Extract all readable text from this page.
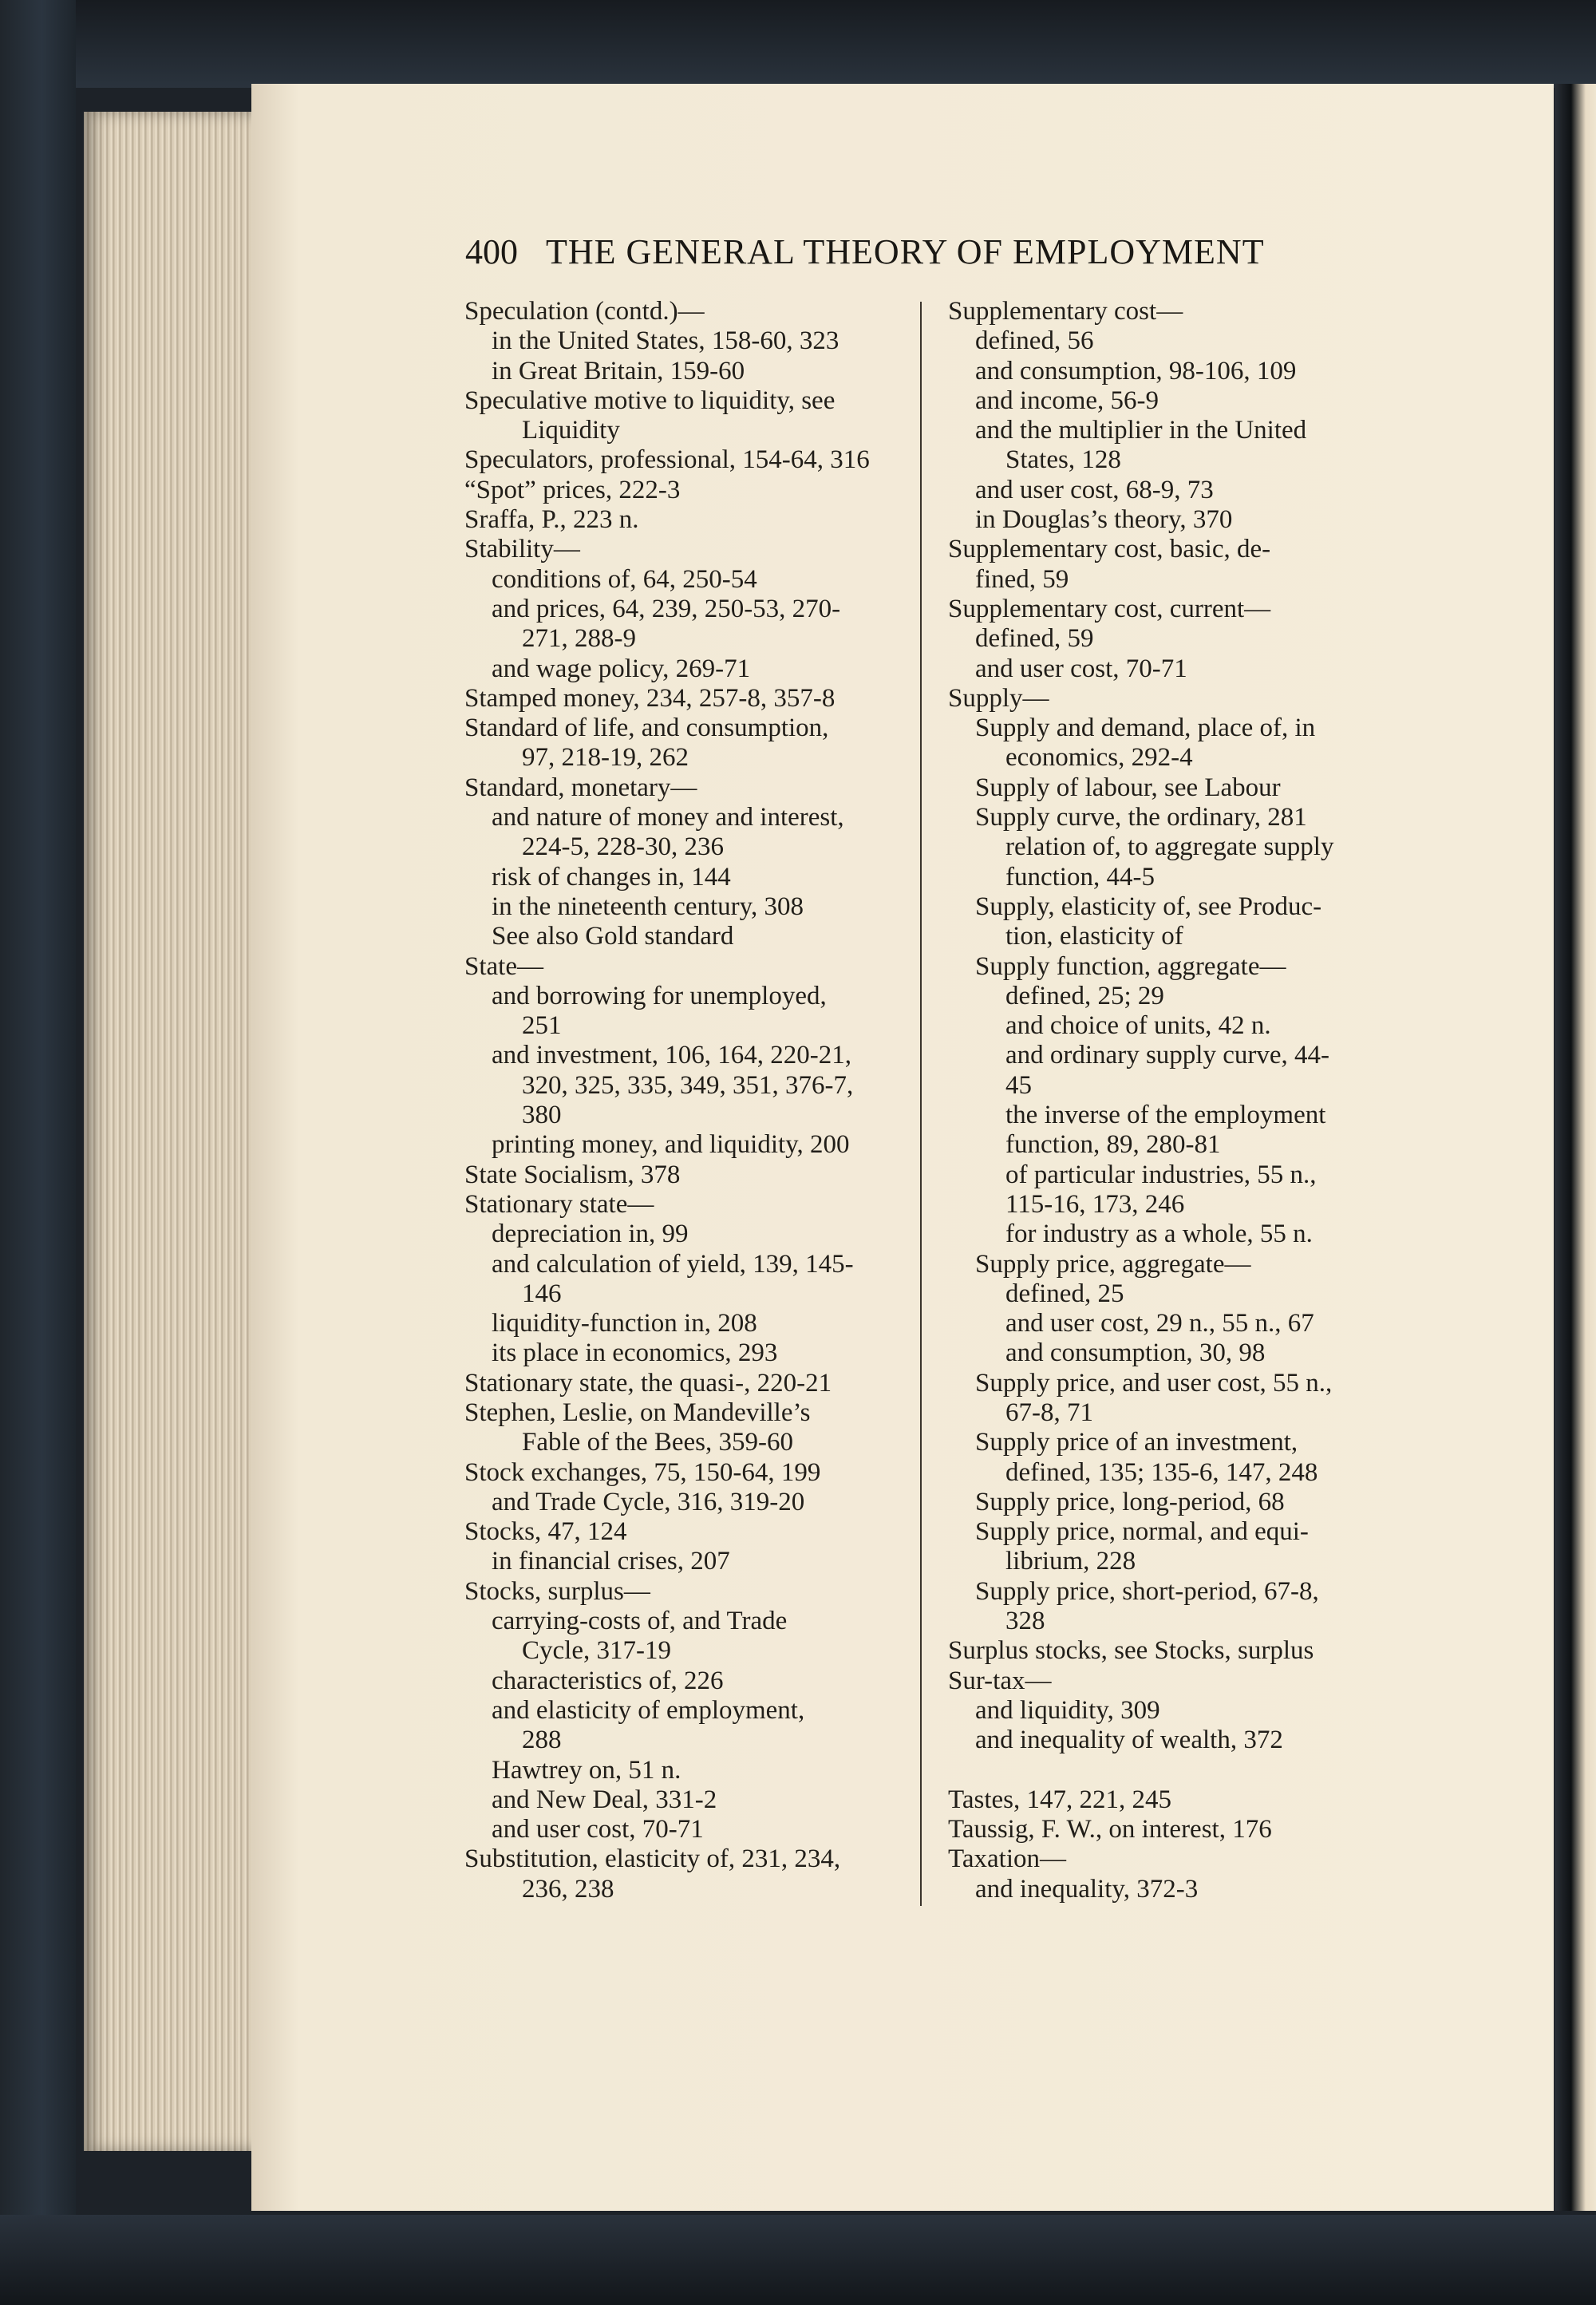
400 THE GENERAL THEORY OF EMPLOYMENT
Speculation (contd.)—
in the United States, 158-60, 323
in Great Britain, 159-60
Speculative motive to liquidity, see
Liquidity
Speculators, professional, 154-64, 316
“Spot” prices, 222-3
Sraffa, P., 223 n.
Stability—
conditions of, 64, 250-54
and prices, 64, 239, 250-53, 270-
271, 288-9
and wage policy, 269-71
Stamped money, 234, 257-8, 357-8
Standard of life, and consumption,
97, 218-19, 262
Standard, monetary—
and nature of money and interest,
224-5, 228-30, 236
risk of changes in, 144
in the nineteenth century, 308
See also Gold standard
State—
and borrowing for unemployed,
251
and investment, 106, 164, 220-21,
320, 325, 335, 349, 351, 376-7,
380
printing money, and liquidity, 200
State Socialism, 378
Stationary state—
depreciation in, 99
and calculation of yield, 139, 145-
146
liquidity-function in, 208
its place in economics, 293
Stationary state, the quasi-, 220-21
Stephen, Leslie, on Mandeville’s
Fable of the Bees, 359-60
Stock exchanges, 75, 150-64, 199
and Trade Cycle, 316, 319-20
Stocks, 47, 124
in financial crises, 207
Stocks, surplus—
carrying-costs of, and Trade
Cycle, 317-19
characteristics of, 226
and elasticity of employment,
288
Hawtrey on, 51 n.
and New Deal, 331-2
and user cost, 70-71
Substitution, elasticity of, 231, 234,
236, 238
Supplementary cost—
defined, 56
and consumption, 98-106, 109
and income, 56-9
and the multiplier in the United
States, 128
and user cost, 68-9, 73
in Douglas’s theory, 370
Supplementary cost, basic, de-
fined, 59
Supplementary cost, current—
defined, 59
and user cost, 70-71
Supply—
Supply and demand, place of, in
economics, 292-4
Supply of labour, see Labour
Supply curve, the ordinary, 281
relation of, to aggregate supply
function, 44-5
Supply, elasticity of, see Produc-
tion, elasticity of
Supply function, aggregate—
defined, 25; 29
and choice of units, 42 n.
and ordinary supply curve, 44-
45
the inverse of the employment
function, 89, 280-81
of particular industries, 55 n.,
115-16, 173, 246
for industry as a whole, 55 n.
Supply price, aggregate—
defined, 25
and user cost, 29 n., 55 n., 67
and consumption, 30, 98
Supply price, and user cost, 55 n.,
67-8, 71
Supply price of an investment,
defined, 135; 135-6, 147, 248
Supply price, long-period, 68
Supply price, normal, and equi-
librium, 228
Supply price, short-period, 67-8,
328
Surplus stocks, see Stocks, surplus
Sur-tax—
and liquidity, 309
and inequality of wealth, 372
Tastes, 147, 221, 245
Taussig, F. W., on interest, 176
Taxation—
and inequality, 372-3
